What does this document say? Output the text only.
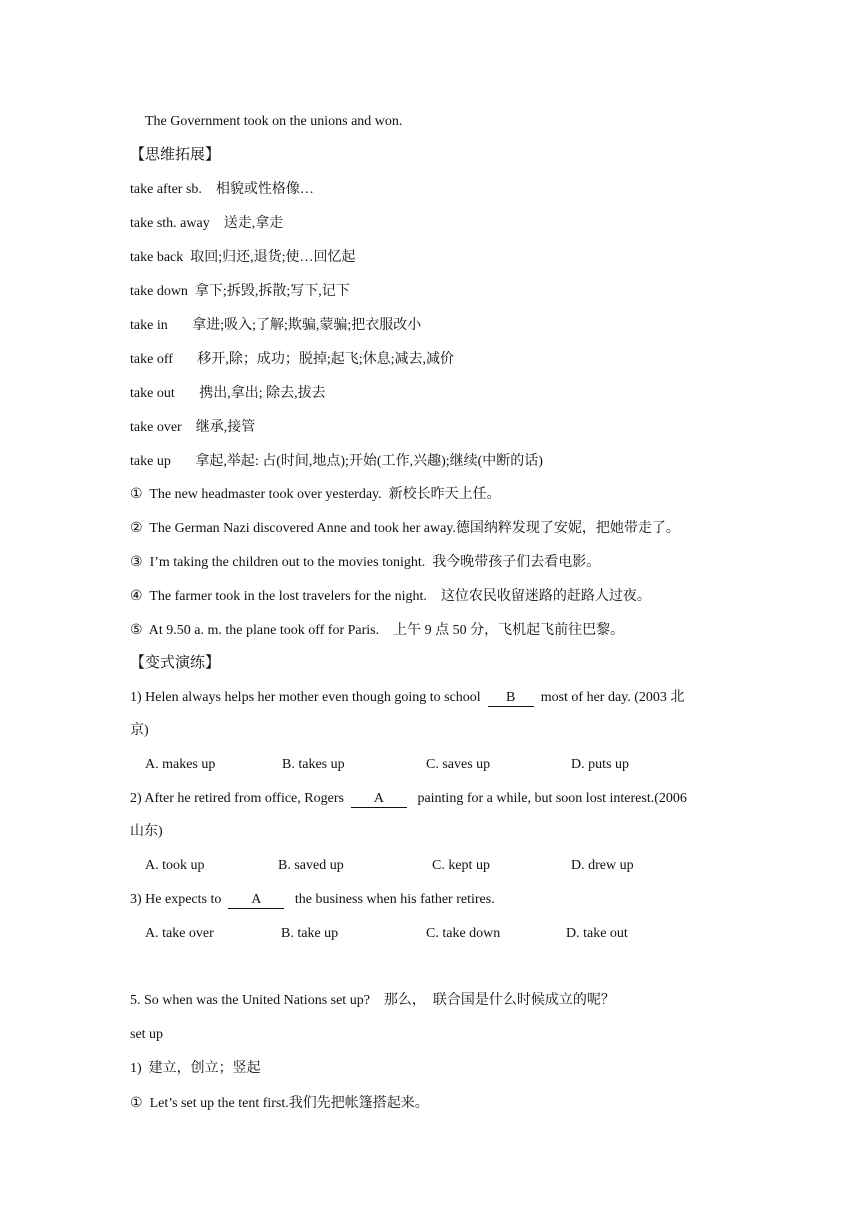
The Government took on the unions and won.
【思维拓展】
take after sb. 相貌或性格像…
take sth. away 送走,拿走
take back 取回;归还,退货;使…回忆起
take down 拿下;拆毁,拆散;写下,记下
take in 拿进;吸入;了解;欺骗,蒙骗;把衣服改小
take off 移开,除；成功；脱掉;起飞;休息;减去,减价
take out 携出,拿出; 除去,拔去
take over 继承,接管
take up 拿起,举起: 占(时间,地点);开始(工作,兴趣);继续(中断的话)
① The new headmaster took over yesterday.  新校长昨天上任。
② The German Nazi discovered Anne and took her away.德国纳粹发现了安妮，把她带走了。
③ I’m taking the children out to the movies tonight.  我今晚带孩子们去看电影。
④ The farmer took in the lost travelers for the night.    这位农民收留迷路的赶路人过夜。
⑤ At 9.50 a. m. the plane took off for Paris.    上午 9 点 50 分，飞机起飞前往巴黎。
【变式演练】
1) Helen always helps her mother even though going to school  B  most of her day. (2003 北
京)
A. makes up	B. takes up	C. saves up	D. puts up
2) After he retired from office, Rogers  A   painting for a while, but soon lost interest.(2006
山东)
A. took up	B. saved up	C. kept up	D. drew up
3) He expects to  A   the business when his father retires.
A. take over	B. take up	C. take down	D. take out
5. So when was the United Nations set up?    那么，  联合国是什么时候成立的呢？
set up
1)  建立，创立；竖起
① Let’s set up the tent first.我们先把帐篷搭起来。
